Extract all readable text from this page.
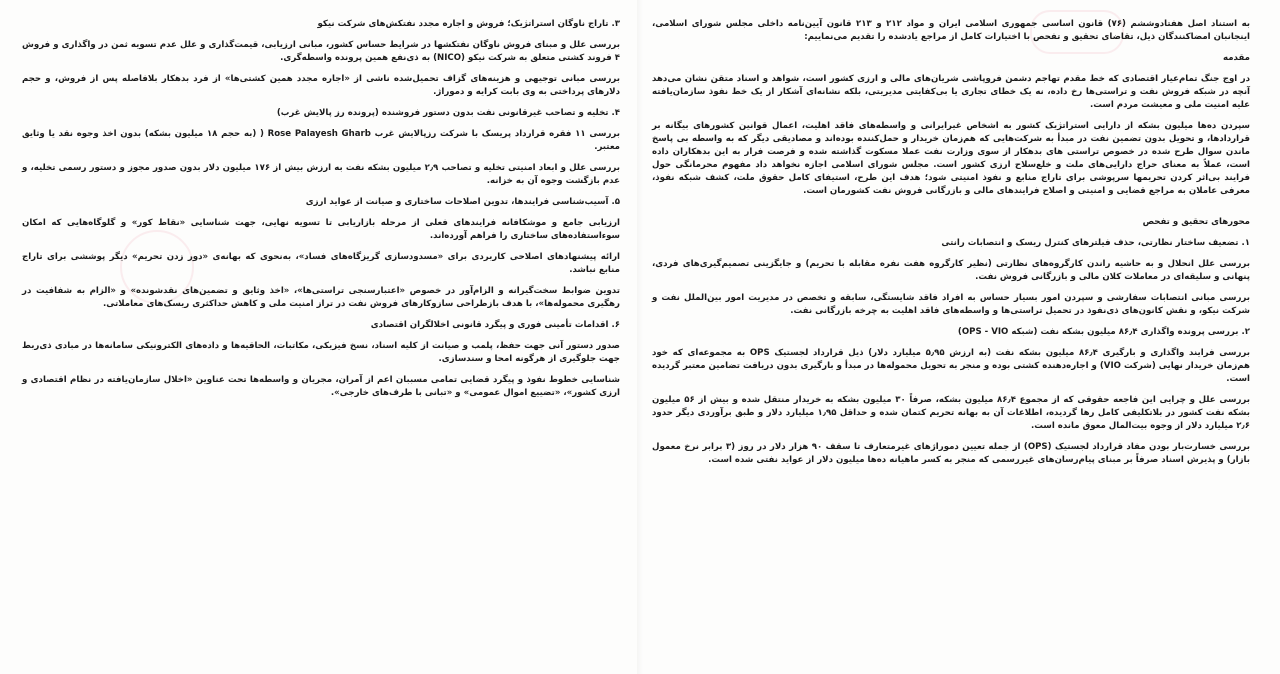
به استناد اصل هفتادوششم (۷۶) قانون اساسی جمهوری اسلامی ایران و مواد ۲۱۲ و ۲۱۳ قانون آیین‌نامه داخلی مجلس شورای اسلامی، اینجانبان امضاکنندگان ذیل، تقاضای تحقیق و تفحص با اختیارات کامل از مراجع یادشده را تقدیم می‌نماییم:
مقدمه
در اوج جنگ تمام‌عیار اقتصادی که خط مقدم تهاجم دشمن فروپاشی شریان‌های مالی و ارزی کشور است، شواهد و اسناد متقن نشان می‌دهد آنچه در شبکه فروش نفت و تراستی‌ها رخ داده، نه یک خطای تجاری یا بی‌کفایتی مدیریتی، بلکه نشانه‌ای آشکار از یک خط نفوذ سازمان‌یافته علیه امنیت ملی و معیشت مردم است.
سپردن ده‌ها میلیون بشکه از دارایی استراتژیک کشور به اشخاص غیرایرانی و واسطه‌های فاقد اهلیت، اعمال قوانین کشورهای بیگانه بر قراردادها، و تحویل بدون تضمین نفت در مبدأ به شرکت‌هایی که هم‌زمان خریدار و حمل‌کننده بوده‌اند و مصادیقی دیگر که به واسطه بی پاسخ ماندن سوال طرح شده در خصوص تراستی های بدهکار از سوی وزارت نفت عملا مسکوت گذاشته شده و فرصت فرار به این بدهکاران داده است، عملاً به معنای حراج دارایی‌های ملت و خلع‌سلاح ارزی کشور است. مجلس شورای اسلامی اجازه نخواهد داد مفهوم محرمانگی حول فرایند بی‌اثر کردن تحریمها سرپوشی برای تاراج منابع و نفوذ امنیتی شود؛ هدف این طرح، استیفای کامل حقوق ملت، کشف شبکه نفوذ، معرفی عاملان به مراجع قضایی و امنیتی و اصلاح فرایندهای مالی و بازرگانی فروش نفت کشورمان است.
محورهای تحقیق و تفحص
۱. تضعیف ساختار نظارتی، حذف فیلترهای کنترل ریسک و انتصابات رانتی
بررسی علل انحلال و به حاشیه راندن کارگروه‌های نظارتی (نظیر کارگروه هفت نفره مقابله با تحریم) و جایگزینی تصمیم‌گیری‌های فردی، پنهانی و سلیقه‌ای در معاملات کلان مالی و بازرگانی فروش نفت.
بررسی مبانی انتصابات سفارشی و سپردن امور بسیار حساس به افراد فاقد شایستگی، سابقه و تخصص در مدیریت امور بین‌الملل نفت و شرکت نیکو، و نقش کانون‌های ذی‌نفوذ در تحمیل تراستی‌ها و واسطه‌های فاقد اهلیت به چرخه بازرگانی نفت.
۲. بررسی پرونده واگذاری ۸۶٫۴ میلیون بشکه نفت (شبکه OPS - VIO)
بررسی فرایند واگذاری و بارگیری ۸۶٫۴ میلیون بشکه نفت (به ارزش ۵٫۹۵ میلیارد دلار) ذیل قرارداد لجستیک OPS به مجموعه‌ای که خود هم‌زمان خریدار نهایی (شرکت VIO) و اجاره‌دهنده کشتی بوده و منجر به تحویل محموله‌ها در مبدأ و بارگیری بدون دریافت تضامین معتبر گردیده است.
بررسی علل و چرایی این فاجعه حقوقی که از مجموع ۸۶٫۴ میلیون بشکه، صرفاً ۳۰ میلیون بشکه به خریدار منتقل شده و بیش از ۵۶ میلیون بشکه نفت کشور در بلاتکلیفی کامل رها گردیده، اطلاعات آن به بهانه تحریم کتمان شده و حداقل ۱٫۹۵ میلیارد دلار و طبق برآوردی دیگر حدود ۲٫۶ میلیارد دلار از وجوه بیت‌المال معوق مانده است.
بررسی خسارت‌بار بودن مفاد قرارداد لجستیک (OPS) از جمله تعیین دموراژهای غیرمتعارف تا سقف ۹۰ هزار دلار در روز (۳ برابر نرخ معمول بازار) و پذیرش اسناد صرفاً بر مبنای پیام‌رسان‌های غیررسمی که منجر به کسر ماهیانه ده‌ها میلیون دلار از عواید نفتی شده است.
۳. تاراج ناوگان استراتژیک؛ فروش و اجاره مجدد نفتکش‌های شرکت نیکو
بررسی علل و مبنای فروش ناوگان نفتکشها در شرایط حساس کشور، مبانی ارزیابی، قیمت‌گذاری و علل عدم تسویه ثمن در واگذاری و فروش ۴ فروند کشتی متعلق به شرکت نیکو (NICO) به ذی‌نفع همین پرونده واسطه‌گری.
بررسی مبانی توجیهی و هزینه‌های گزاف تحمیل‌شده ناشی از «اجاره مجدد همین کشتی‌ها» از فرد بدهکار بلافاصله پس از فروش، و حجم دلارهای پرداختی به وی بابت کرایه و دموراژ.
۴. تخلیه و تصاحب غیرقانونی نفت بدون دستور فروشنده (پرونده رز پالایش غرب)
بررسی ۱۱ فقره قرارداد پریسک با شرکت رزپالایش غرب Rose Palayesh Gharb ( (به حجم ۱۸ میلیون بشکه) بدون اخذ وجوه نقد یا وثایق معتبر.
بررسی علل و ابعاد امنیتی تخلیه و تصاحب ۲٫۹ میلیون بشکه نفت به ارزش بیش از ۱۷۶ میلیون دلار بدون صدور مجوز و دستور رسمی تخلیه، و عدم بازگشت وجوه آن به خزانه.
۵. آسیب‌شناسی فرایندها، تدوین اصلاحات ساختاری و صیانت از عواید ارزی
ارزیابی جامع و موشکافانه فرایندهای فعلی از مرحله بازاریابی تا تسویه نهایی، جهت شناسایی «نقاط کور» و گلوگاه‌هایی که امکان سوءاستفاده‌های ساختاری را فراهم آورده‌اند.
ارائه پیشنهادهای اصلاحی کاربردی برای «مسدودسازی گریزگاه‌های فساد»، به‌نحوی که بهانه‌ی «دور زدن تحریم» دیگر پوششی برای تاراج منابع نباشد.
تدوین ضوابط سخت‌گیرانه و الزام‌آور در خصوص «اعتبارسنجی تراستی‌ها»، «اخذ وثایق و تضمین‌های نقدشونده» و «الزام به شفافیت در رهگیری محموله‌ها»، با هدف بازطراحی سازوکارهای فروش نفت در تراز امنیت ملی و کاهش حداکثری ریسک‌های معاملاتی.
۶. اقدامات تأمینی فوری و پیگرد قانونی اخلالگران اقتصادی
صدور دستور آنی جهت حفظ، پلمب و صیانت از کلیه اسناد، نسخ فیزیکی، مکاتبات، الحاقیه‌ها و داده‌های الکترونیکی سامانه‌ها در مبادی ذی‌ربط جهت جلوگیری از هرگونه امحا و سندسازی.
شناسایی خطوط نفوذ و پیگرد قضایی تمامی مسببان اعم از آمران، مجریان و واسطه‌ها تحت عناوین «اخلال سازمان‌یافته در نظام اقتصادی و ارزی کشور»، «تضییع اموال عمومی» و «تبانی با طرف‌های خارجی».
